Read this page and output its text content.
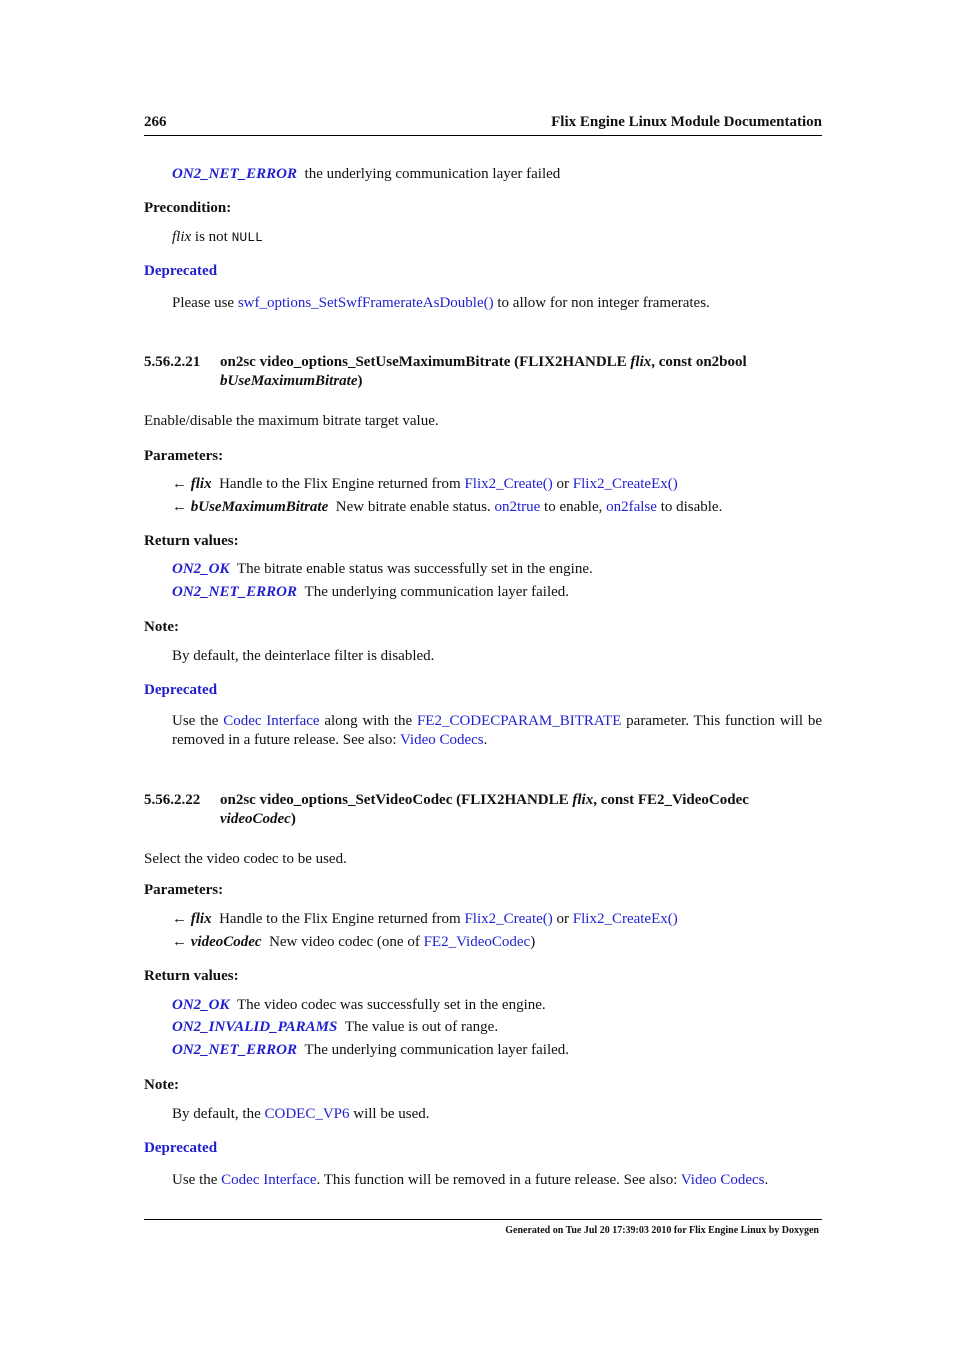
266	Flix Engine Linux Module Documentation
ON2_NET_ERROR the underlying communication layer failed
Precondition:
flix is not NULL
Deprecated
Please use swf_options_SetSwfFramerateAsDouble() to allow for non integer framerates.
5.56.2.21 on2sc video_options_SetUseMaximumBitrate (FLIX2HANDLE flix, const on2bool
bUseMaximumBitrate)
Enable/disable the maximum bitrate target value.
Parameters:
← flix Handle to the Flix Engine returned from Flix2_Create() or Flix2_CreateEx()
← bUseMaximumBitrate New bitrate enable status. on2true to enable, on2false to disable.
Return values:
ON2_OK The bitrate enable status was successfully set in the engine.
ON2_NET_ERROR The underlying communication layer failed.
Note:
By default, the deinterlace filter is disabled.
Deprecated
Use the Codec Interface along with the FE2_CODECPARAM_BITRATE parameter. This function will be removed in a future release. See also: Video Codecs.
5.56.2.22 on2sc video_options_SetVideoCodec (FLIX2HANDLE flix, const FE2_VideoCodec
videoCodec)
Select the video codec to be used.
Parameters:
← flix Handle to the Flix Engine returned from Flix2_Create() or Flix2_CreateEx()
← videoCodec New video codec (one of FE2_VideoCodec)
Return values:
ON2_OK The video codec was successfully set in the engine.
ON2_INVALID_PARAMS The value is out of range.
ON2_NET_ERROR The underlying communication layer failed.
Note:
By default, the CODEC_VP6 will be used.
Deprecated
Use the Codec Interface. This function will be removed in a future release. See also: Video Codecs.
Generated on Tue Jul 20 17:39:03 2010 for Flix Engine Linux by Doxygen
